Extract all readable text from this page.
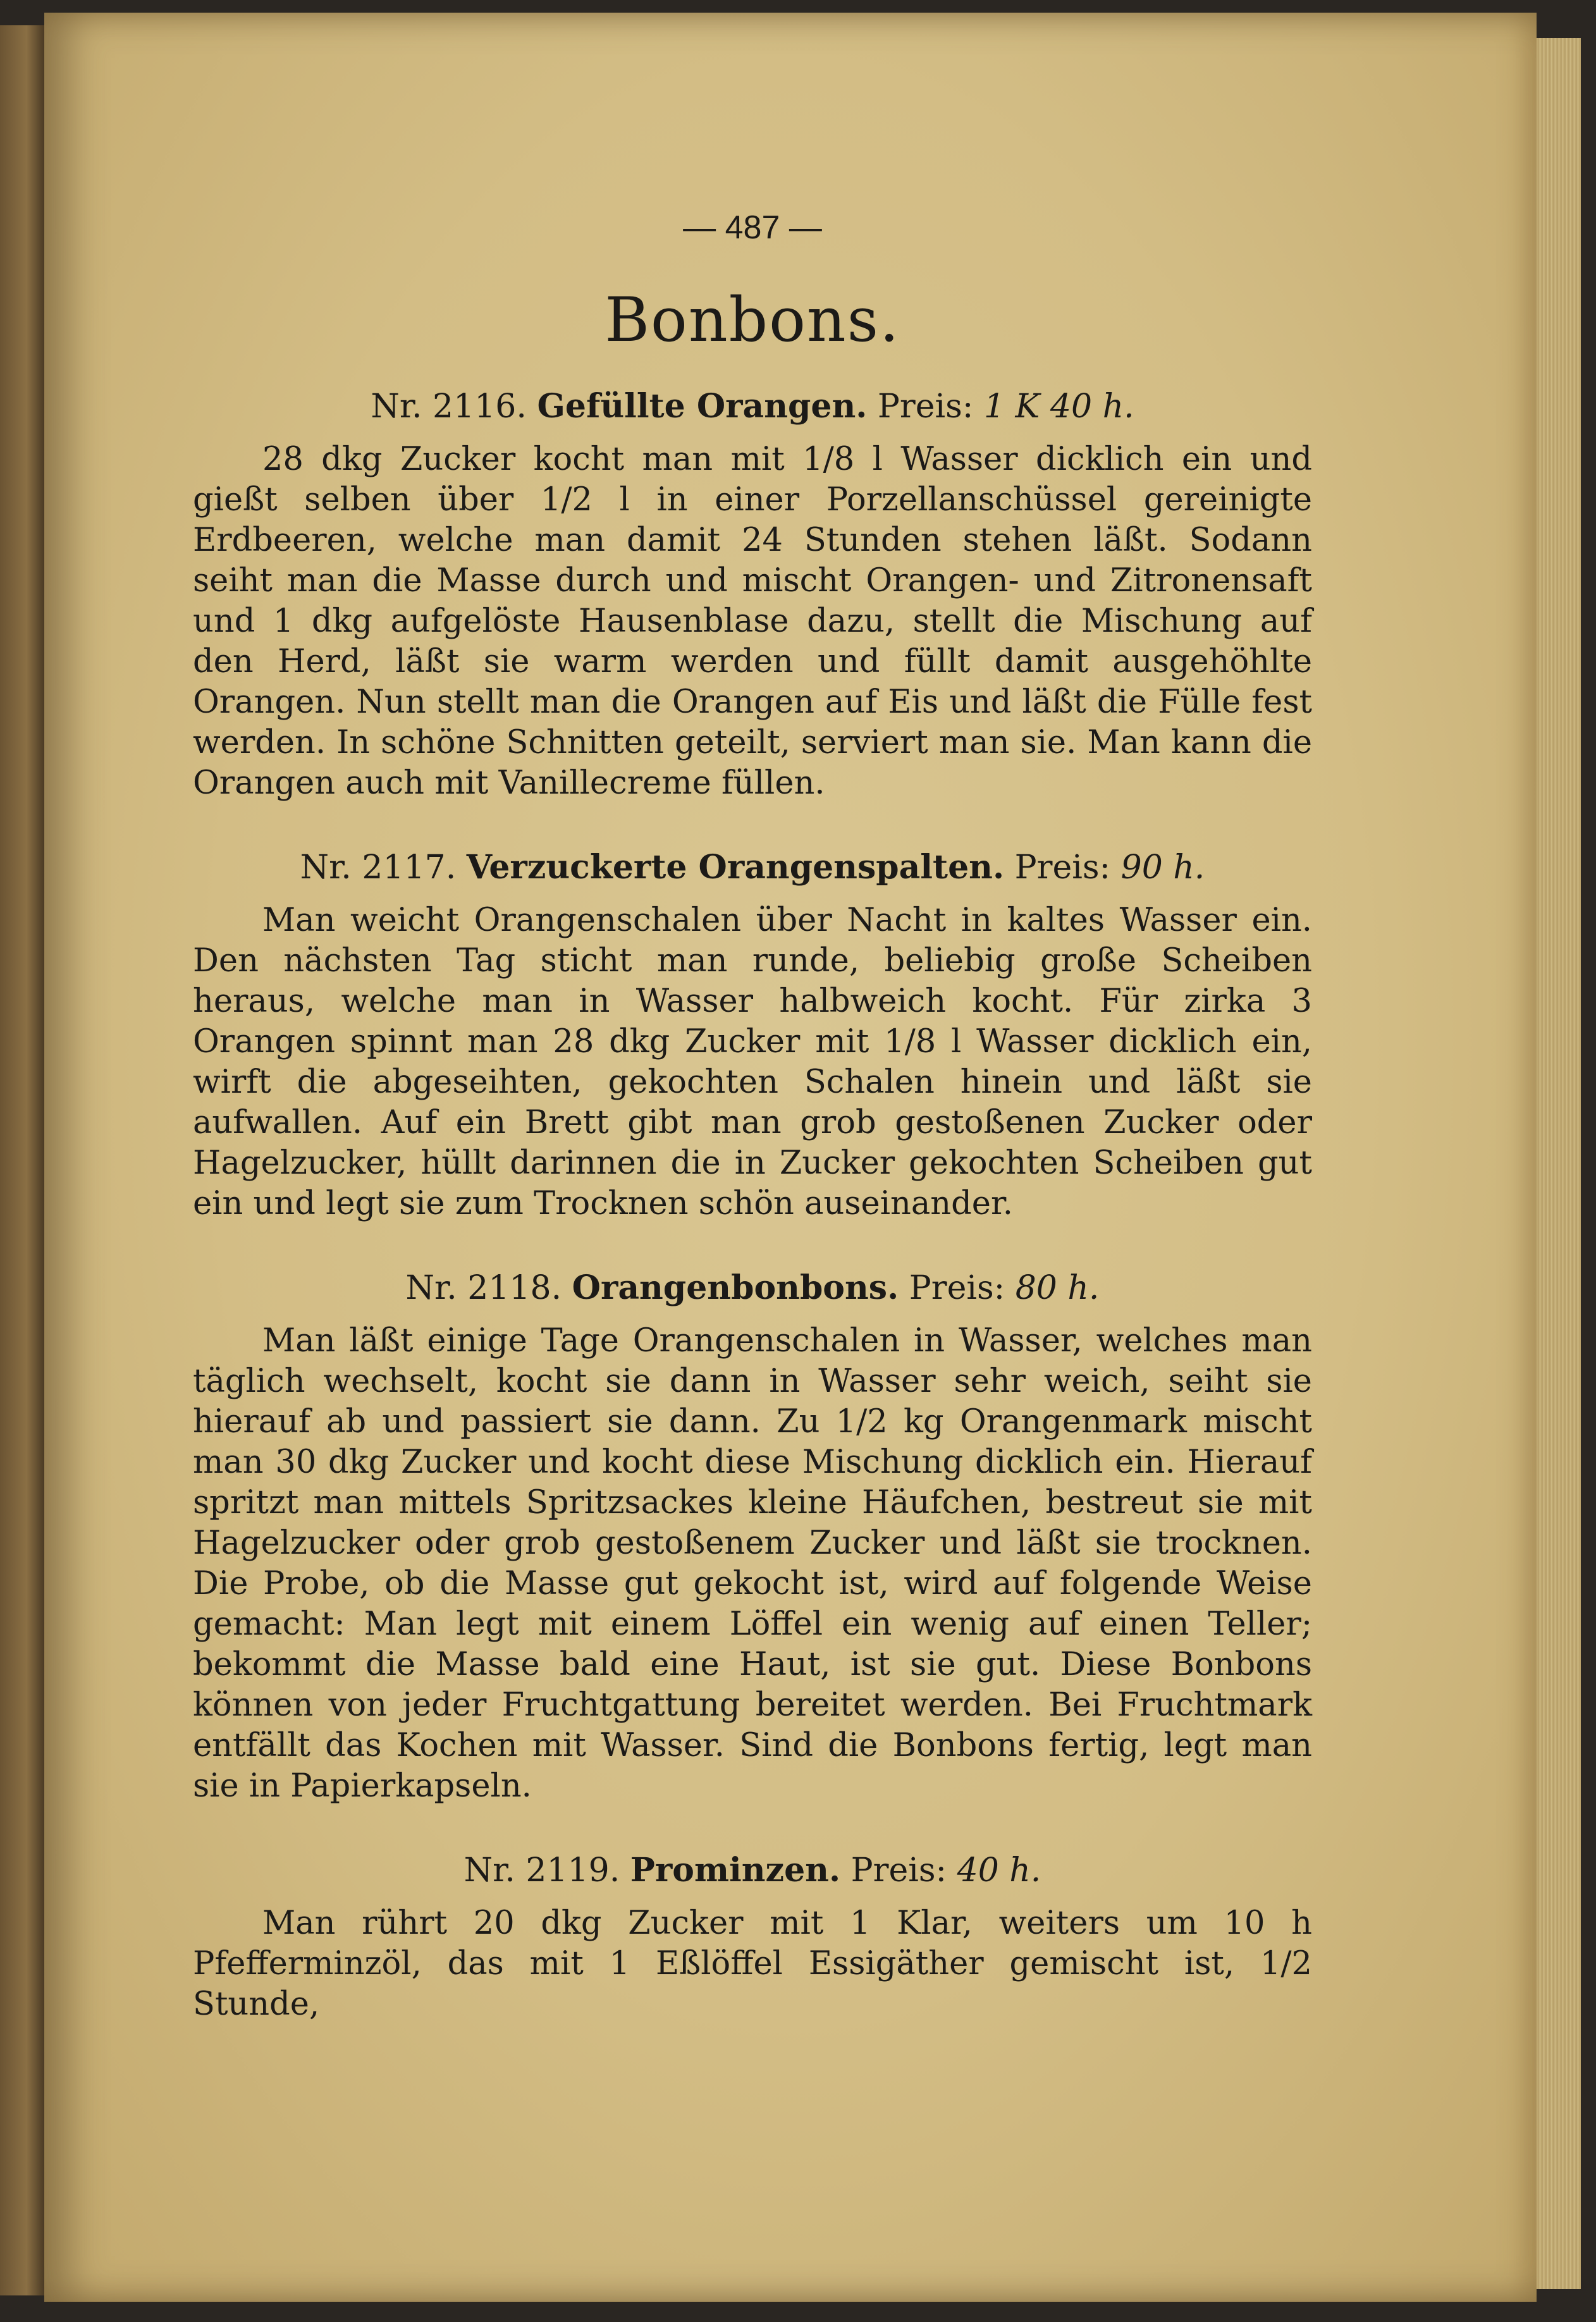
— 487 —
Bonbons.

Nr. 2116. Gefüllte Orangen. Preis: 1 K 40 h.

28 dkg Zucker kocht man mit 1/8 l Wasser dicklich ein und gießt selben über 1/2 l in einer Porzellanschüssel gereinigte Erdbeeren, welche man damit 24 Stunden stehen läßt. Sodann seiht man die Masse durch und mischt Orangen- und Zitronensaft und 1 dkg aufgelöste Hausenblase dazu, stellt die Mischung auf den Herd, läßt sie warm werden und füllt damit ausgehöhlte Orangen. Nun stellt man die Orangen auf Eis und läßt die Fülle fest werden. In schöne Schnitten geteilt, serviert man sie. Man kann die Orangen auch mit Vanillecreme füllen.

Nr. 2117. Verzuckerte Orangenspalten. Preis: 90 h.

Man weicht Orangenschalen über Nacht in kaltes Wasser ein. Den nächsten Tag sticht man runde, beliebig große Scheiben heraus, welche man in Wasser halbweich kocht. Für zirka 3 Orangen spinnt man 28 dkg Zucker mit 1/8 l Wasser dicklich ein, wirft die abgeseihten, gekochten Schalen hinein und läßt sie aufwallen. Auf ein Brett gibt man grob gestoßenen Zucker oder Hagelzucker, hüllt darinnen die in Zucker gekochten Scheiben gut ein und legt sie zum Trocknen schön auseinander.

Nr. 2118. Orangenbonbons. Preis: 80 h.

Man läßt einige Tage Orangenschalen in Wasser, welches man täglich wechselt, kocht sie dann in Wasser sehr weich, seiht sie hierauf ab und passiert sie dann. Zu 1/2 kg Orangenmark mischt man 30 dkg Zucker und kocht diese Mischung dicklich ein. Hierauf spritzt man mittels Spritzsackes kleine Häufchen, bestreut sie mit Hagelzucker oder grob gestoßenem Zucker und läßt sie trocknen. Die Probe, ob die Masse gut gekocht ist, wird auf folgende Weise gemacht: Man legt mit einem Löffel ein wenig auf einen Teller; bekommt die Masse bald eine Haut, ist sie gut. Diese Bonbons können von jeder Fruchtgattung bereitet werden. Bei Fruchtmark entfällt das Kochen mit Wasser. Sind die Bonbons fertig, legt man sie in Papierkapseln.

Nr. 2119. Prominzen. Preis: 40 h.

Man rührt 20 dkg Zucker mit 1 Klar, weiters um 10 h Pfefferminzöl, das mit 1 Eßlöffel Essigäther gemischt ist, 1/2 Stunde,
